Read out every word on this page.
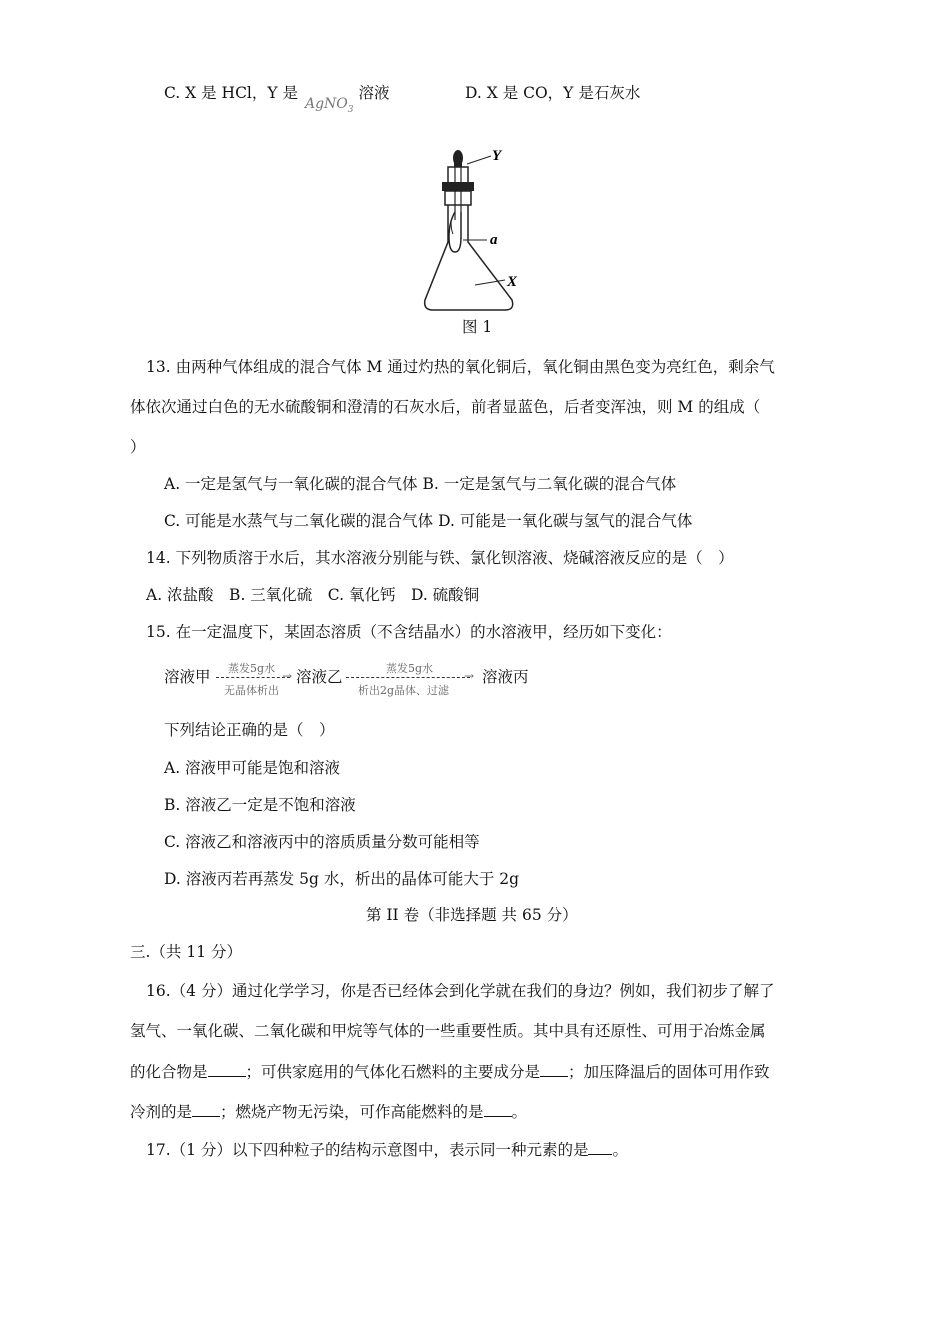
C. X 是 HCl，Y 是 AgNO$_3$ 溶液	D. X 是 CO，Y 是石灰水
Y
a
X
图 1
13. 由两种气体组成的混合气体 M 通过灼热的氧化铜后，氧化铜由黑色变为亮红色，剩余气
体依次通过白色的无水硫酸铜和澄清的石灰水后，前者显蓝色，后者变浑浊，则 M 的组成（
）
A. 一定是氢气与一氧化碳的混合气体 B. 一定是氢气与二氧化碳的混合气体
C. 可能是水蒸气与二氧化碳的混合气体 D. 可能是一氧化碳与氢气的混合气体
14. 下列物质溶于水后，其水溶液分别能与铁、氯化钡溶液、烧碱溶液反应的是（　）
A. 浓盐酸　B. 三氧化硫　C. 氧化钙　D. 硫酸铜
15. 在一定温度下，某固态溶质（不含结晶水）的水溶液甲，经历如下变化：
溶液甲 蒸发5g水
→
无晶体析出
溶液乙	蒸发5g水
→
析出2g晶体、过滤
溶液丙
下列结论正确的是（　）
A. 溶液甲可能是饱和溶液
B. 溶液乙一定是不饱和溶液
C. 溶液乙和溶液丙中的溶质质量分数可能相等
D. 溶液丙若再蒸发 5g 水，析出的晶体可能大于 2g
第 II 卷（非选择题 共 65 分）
三.（共 11 分）
16.（4 分）通过化学学习，你是否已经体会到化学就在我们的身边？例如，我们初步了解了
氢气、一氧化碳、二氧化碳和甲烷等气体的一些重要性质。其中具有还原性、可用于冶炼金属
的化合物是 ；可供家庭用的气体化石燃料的主要成分是 ；加压降温后的固体可用作致
冷剂的是 ；燃烧产物无污染，可作高能燃料的是 。
17.（1 分）以下四种粒子的结构示意图中，表示同一种元素的是 。
